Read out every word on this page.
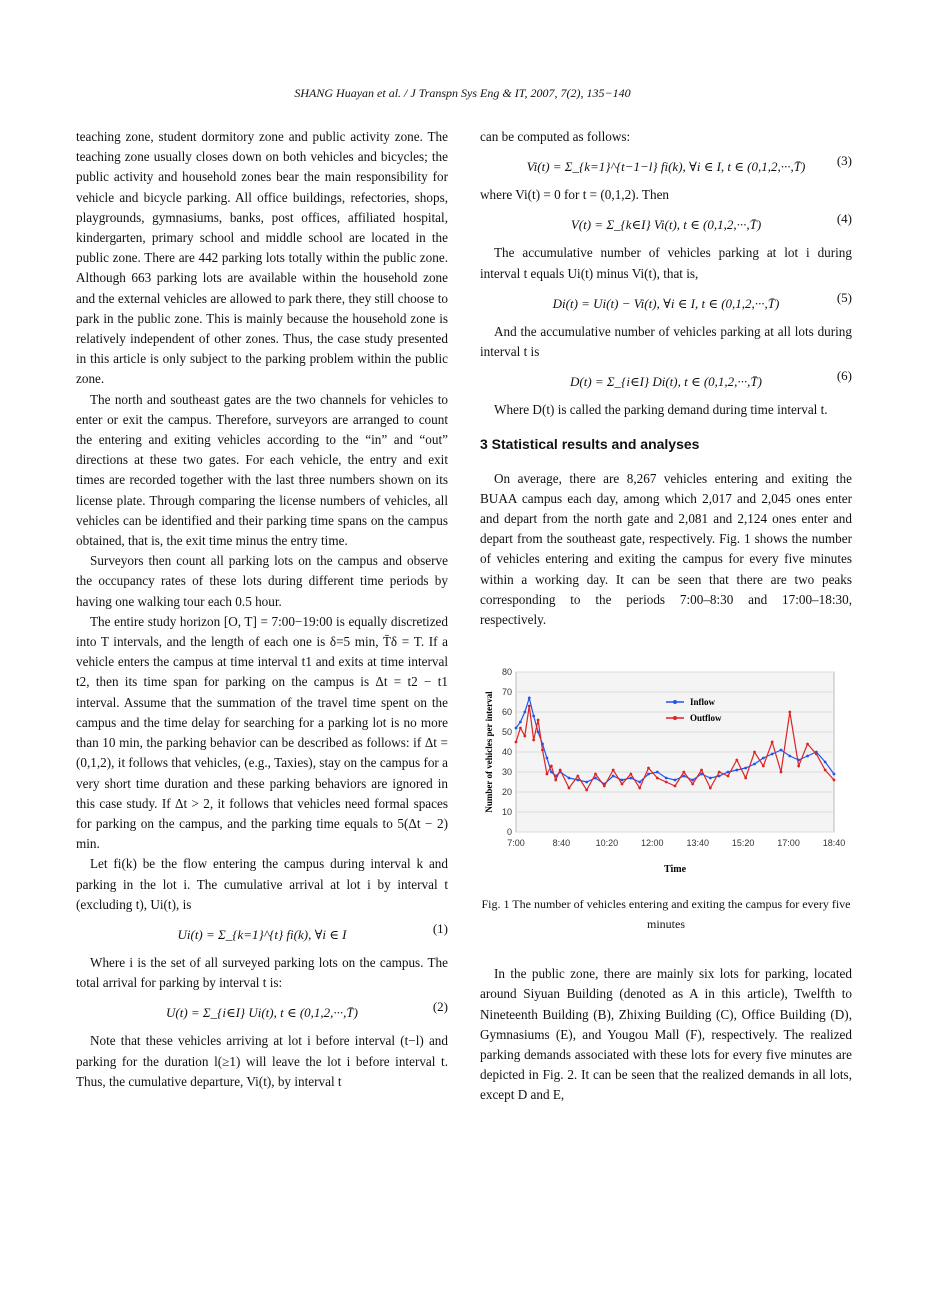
SHANG Huayan et al. / J Transpn Sys Eng & IT, 2007, 7(2), 135−140

teaching zone, student dormitory zone and public activity zone. The teaching zone usually closes down on both vehicles and bicycles; the public activity and household zones bear the main responsibility for vehicle and bicycle parking. All office buildings, refectories, shops, playgrounds, gymnasiums, banks, post offices, affiliated hospital, kindergarten, primary school and middle school are located in the public zone. There are 442 parking lots totally within the public zone. Although 663 parking lots are available within the household zone and the external vehicles are allowed to park there, they still choose to park in the public zone. This is mainly because the household zone is relatively independent of other zones. Thus, the case study presented in this article is only subject to the parking problem within the public zone.

The north and southeast gates are the two channels for vehicles to enter or exit the campus. Therefore, surveyors are arranged to count the entering and exiting vehicles according to the “in” and “out” directions at these two gates. For each vehicle, the entry and exit times are recorded together with the last three numbers shown on its license plate. Through comparing the license numbers of vehicles, all vehicles can be identified and their parking time spans on the campus obtained, that is, the exit time minus the entry time.

Surveyors then count all parking lots on the campus and observe the occupancy rates of these lots during different time periods by having one walking tour each 0.5 hour.

The entire study horizon [O, T] = 7:00−19:00 is equally discretized into T intervals, and the length of each one is δ=5 min, T̄δ = T. If a vehicle enters the campus at time interval t1 and exits at time interval t2, then its time span for parking on the campus is Δt = t2 − t1 interval. Assume that the summation of the travel time spent on the campus and the time delay for searching for a parking lot is no more than 10 min, the parking behavior can be described as follows: if Δt = (0,1,2), it follows that vehicles, (e.g., Taxies), stay on the campus for a very short time duration and these parking behaviors are ignored in this case study. If Δt > 2, it follows that vehicles need formal spaces for parking on the campus, and the parking time equals to 5(Δt − 2) min.

Let fi(k) be the flow entering the campus during interval k and parking in the lot i. The cumulative arrival at lot i by interval t (excluding t), Ui(t), is

Ui(t) = Σ_{k=1}^{t} fi(k), ∀i ∈ I	(1)

Where i is the set of all surveyed parking lots on the campus. The total arrival for parking by interval t is:

U(t) = Σ_{i∈I} Ui(t), t ∈ (0,1,2,···,T̄)	(2)

Note that these vehicles arriving at lot i before interval (t−l) and parking for the duration l(≥1) will leave the lot i before interval t. Thus, the cumulative departure, Vi(t), by interval t

can be computed as follows:

Vi(t) = Σ_{k=1}^{t−1−l} fi(k), ∀i ∈ I, t ∈ (0,1,2,···,T̄)	(3)

where Vi(t) = 0 for t = (0,1,2). Then

V(t) = Σ_{k∈I} Vi(t), t ∈ (0,1,2,···,T̄)	(4)

The accumulative number of vehicles parking at lot i during interval t equals Ui(t) minus Vi(t), that is,

Di(t) = Ui(t) − Vi(t), ∀i ∈ I, t ∈ (0,1,2,···,T̄)	(5)

And the accumulative number of vehicles parking at all lots during interval t is

D(t) = Σ_{i∈I} Di(t), t ∈ (0,1,2,···,T̄)	(6)

Where D(t) is called the parking demand during time interval t.

3 Statistical results and analyses

On average, there are 8,267 vehicles entering and exiting the BUAA campus each day, among which 2,017 and 2,045 ones enter and depart from the north gate and 2,081 and 2,124 ones enter and depart from the southeast gate, respectively. Fig. 1 shows the number of vehicles entering and exiting the campus for every five minutes within a working day. It can be seen that there are two peaks corresponding to the periods 7:00–8:30 and 17:00–18:30, respectively.

0
10
20
30
40
50
60
70
80
7:00	8:40	10:20	12:00	13:40	15:20	17:00	18:40
Number of vehicles per interval
Time
Inflow
Outflow
Fig. 1 The number of vehicles entering and exiting the campus for every five minutes

In the public zone, there are mainly six lots for parking, located around Siyuan Building (denoted as A in this article), Twelfth to Nineteenth Building (B), Zhixing Building (C), Office Building (D), Gymnasiums (E), and Yougou Mall (F), respectively. The realized parking demands associated with these lots for every five minutes are depicted in Fig. 2. It can be seen that the realized demands in all lots, except D and E,
